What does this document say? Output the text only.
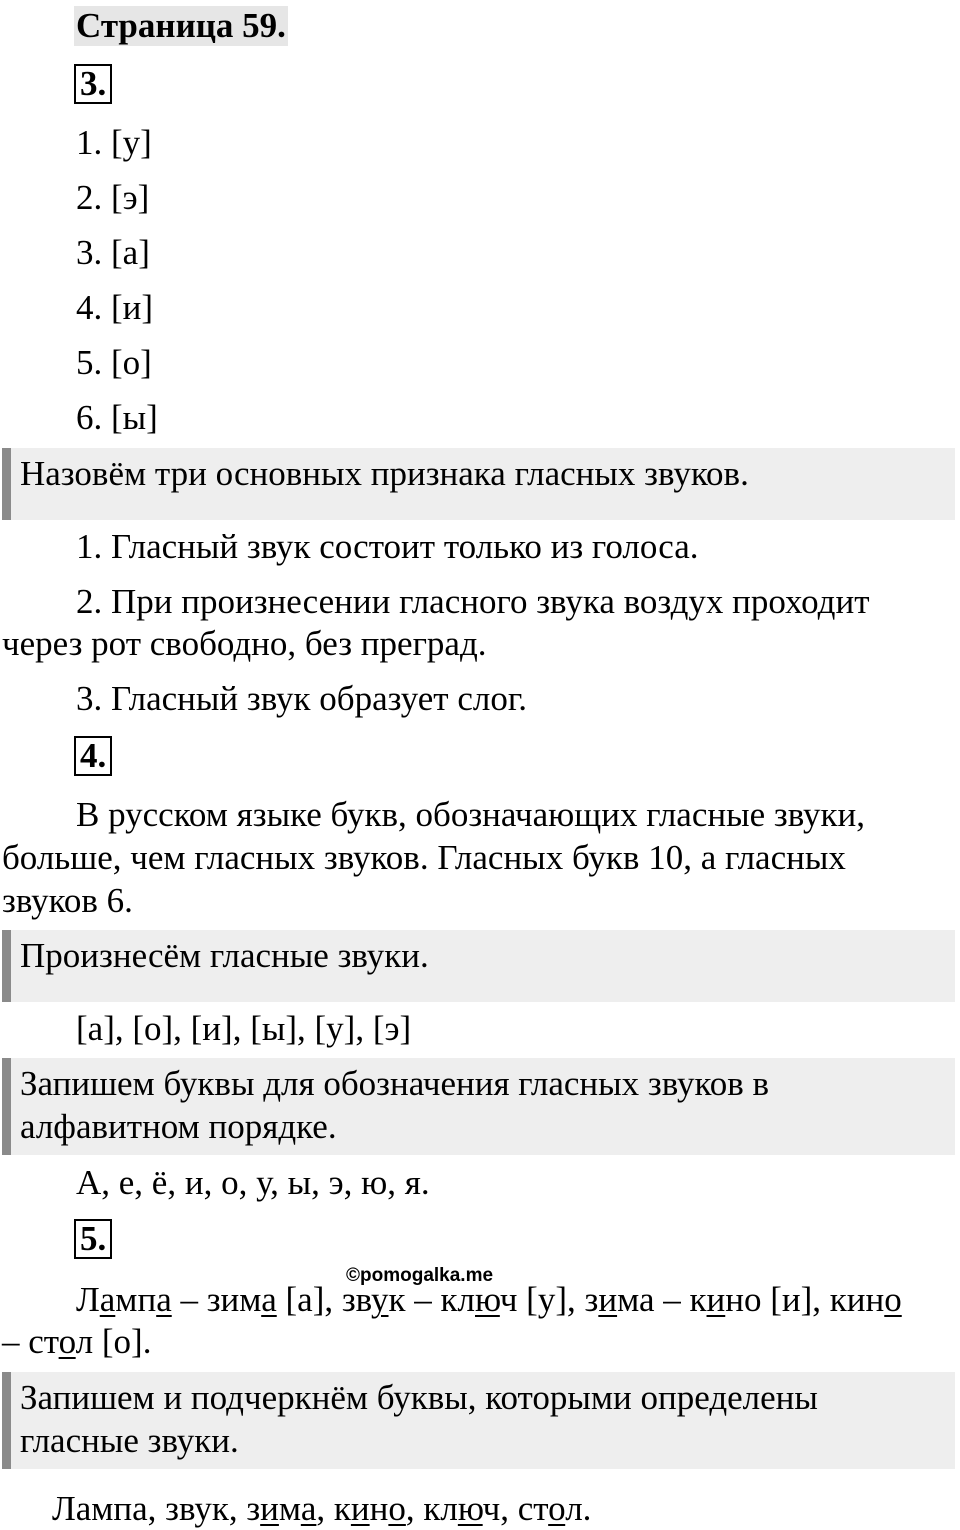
Страница 59.
3.
1. [у]
2. [э]
3. [а]
4. [и]
5. [о]
6. [ы]
Назовём три основных признака гласных звуков.
1. Гласный звук состоит только из голоса.
2. При произнесении гласного звука воздух проходит
через рот свободно, без преград.
3. Гласный звук образует слог.
4.
В русском языке букв, обозначающих гласные звуки,
больше, чем гласных звуков. Гласных букв 10, а гласных
звуков 6.
Произнесём гласные звуки.
[а], [о], [и], [ы], [у], [э]
Запишем буквы для обозначения гласных звуков в
алфавитном порядке.
А, е, ё, и, о, у, ы, э, ю, я.
5.
©pomogalka.me
Лампа – зима [а], звук – ключ [у], зима – кино [и], кино
– стол [о].
Запишем и подчеркнём буквы, которыми определены
гласные звуки.
Лампа, звук, зима, кино, ключ, стол.
